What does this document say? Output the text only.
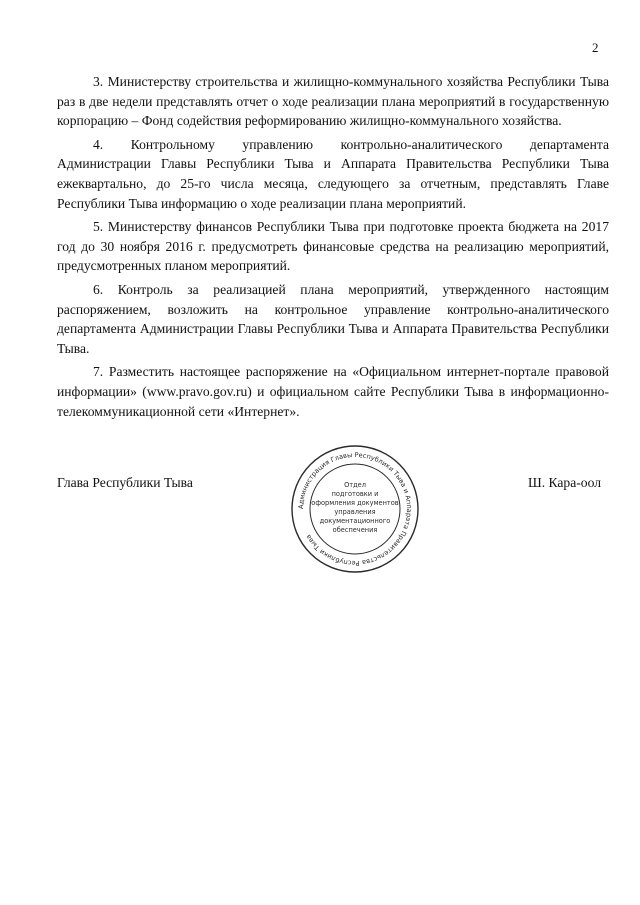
2

3. Министерству строительства и жилищно-коммунального хозяйства Республики Тыва раз в две недели представлять отчет о ходе реализации плана мероприятий в государственную корпорацию – Фонд содействия реформированию жилищно-коммунального хозяйства.

4. Контрольному управлению контрольно-аналитического департамента Администрации Главы Республики Тыва и Аппарата Правительства Республики Тыва ежеквартально, до 25-го числа месяца, следующего за отчетным, представлять Главе Республики Тыва информацию о ходе реализации плана мероприятий.

5. Министерству финансов Республики Тыва при подготовке проекта бюджета на 2017 год до 30 ноября 2016 г. предусмотреть финансовые средства на реализацию мероприятий, предусмотренных планом мероприятий.

6. Контроль за реализацией плана мероприятий, утвержденного настоящим распоряжением, возложить на контрольное управление контрольно-аналитического департамента Администрации Главы Республики Тыва и Аппарата Правительства Республики Тыва.

7. Разместить настоящее распоряжение на «Официальном интернет-портале правовой информации» (www.pravo.gov.ru) и официальном сайте Республики Тыва в информационно-телекоммуникационной сети «Интернет».

Глава Республики Тыва	Ш. Кара-оол
Администрация Главы Республики Тыва и Аппарата Правительства Республики Тыва
Отдел
подготовки и
оформления документов
управления
документационного
обеспечения
